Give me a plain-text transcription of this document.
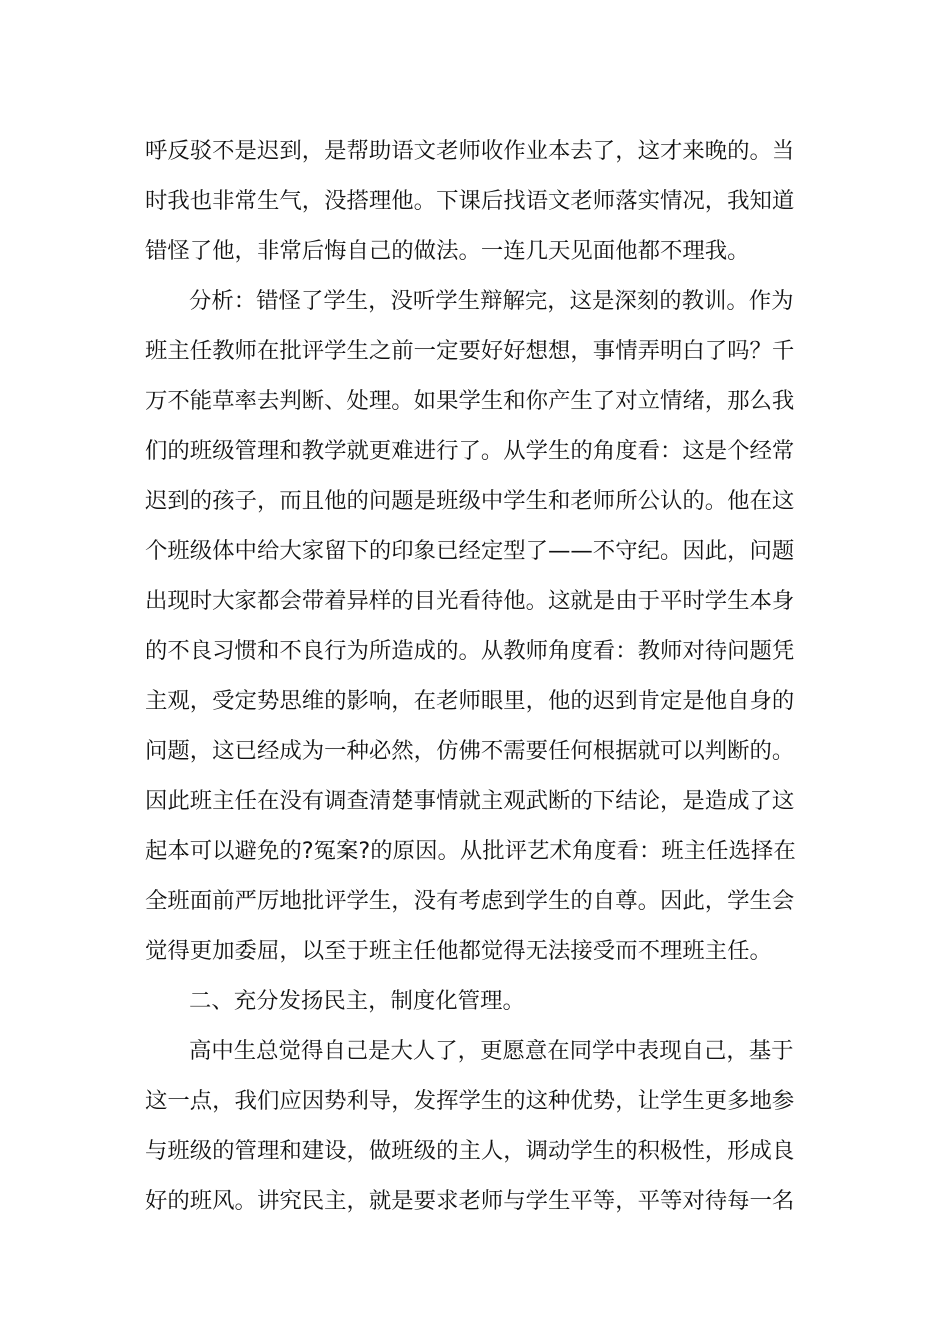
呼反驳不是迟到，是帮助语文老师收作业本去了，这才来晚的。当
时我也非常生气，没搭理他。下课后找语文老师落实情况，我知道
错怪了他，非常后悔自己的做法。一连几天见面他都不理我。
分析：错怪了学生，没听学生辩解完，这是深刻的教训。作为
班主任教师在批评学生之前一定要好好想想，事情弄明白了吗？千
万不能草率去判断、处理。如果学生和你产生了对立情绪，那么我
们的班级管理和教学就更难进行了。从学生的角度看：这是个经常
迟到的孩子，而且他的问题是班级中学生和老师所公认的。他在这
个班级体中给大家留下的印象已经定型了——不守纪。因此，问题
出现时大家都会带着异样的目光看待他。这就是由于平时学生本身
的不良习惯和不良行为所造成的。从教师角度看：教师对待问题凭
主观，受定势思维的影响，在老师眼里，他的迟到肯定是他自身的
问题，这已经成为一种必然，仿佛不需要任何根据就可以判断的。
因此班主任在没有调查清楚事情就主观武断的下结论，是造成了这
起本可以避免的?冤案?的原因。从批评艺术角度看：班主任选择在
全班面前严厉地批评学生，没有考虑到学生的自尊。因此，学生会
觉得更加委屈，以至于班主任他都觉得无法接受而不理班主任。
二、充分发扬民主，制度化管理。
高中生总觉得自己是大人了，更愿意在同学中表现自己，基于
这一点，我们应因势利导，发挥学生的这种优势，让学生更多地参
与班级的管理和建设，做班级的主人，调动学生的积极性，形成良
好的班风。讲究民主，就是要求老师与学生平等，平等对待每一名
